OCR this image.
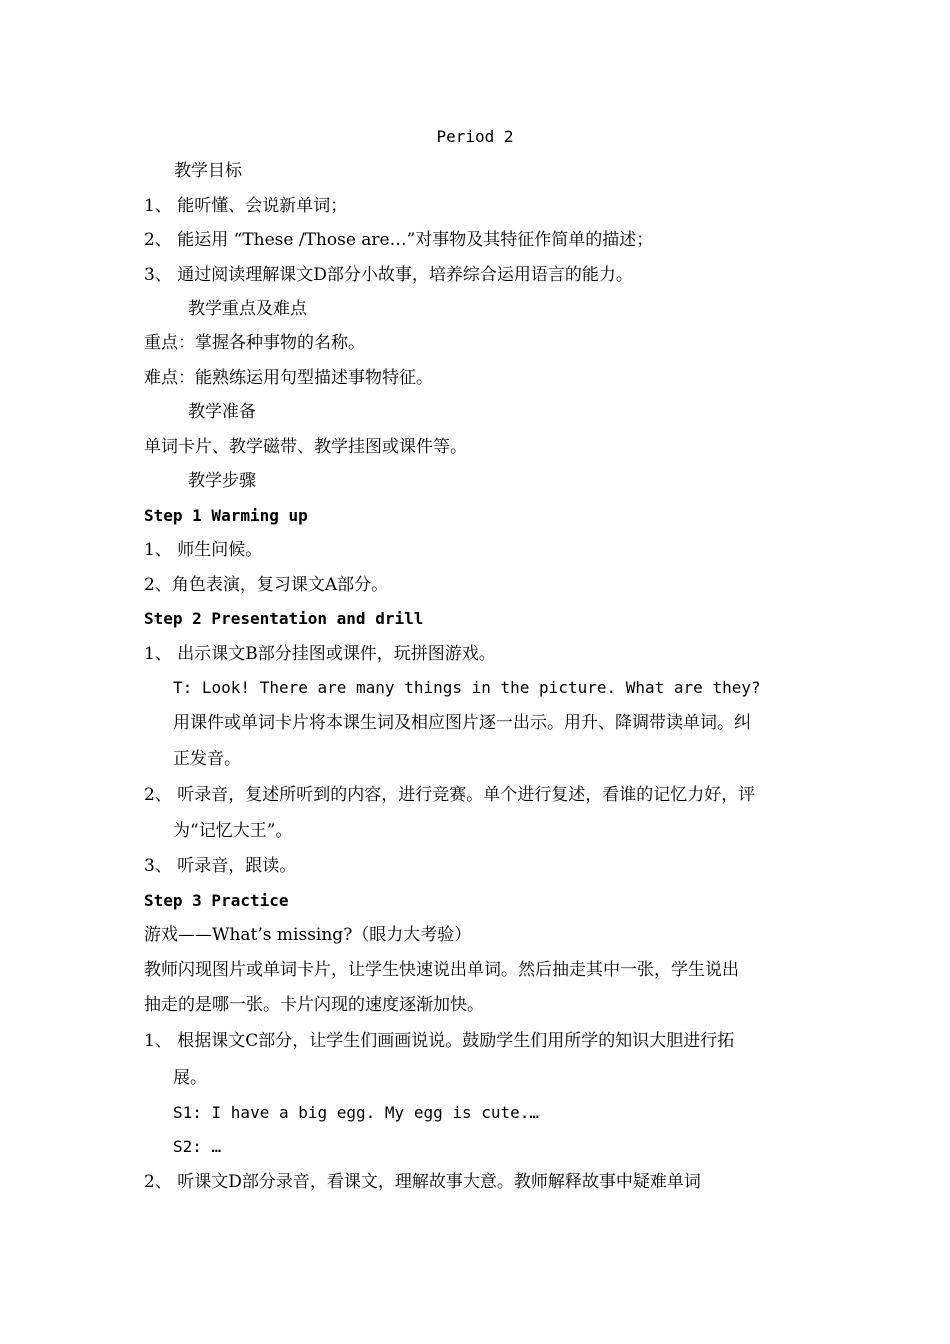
Period 2
教学目标
1、 能听懂、会说新单词；
2、 能运用 “These /Those are…”对事物及其特征作简单的描述；
3、 通过阅读理解课文D部分小故事，培养综合运用语言的能力。
教学重点及难点
重点：掌握各种事物的名称。
难点：能熟练运用句型描述事物特征。
教学准备
单词卡片、教学磁带、教学挂图或课件等。
教学步骤
Step 1 Warming up
1、 师生问候。
2、角色表演，复习课文A部分。
Step 2 Presentation and drill
1、 出示课文B部分挂图或课件，玩拼图游戏。
T: Look! There are many things in the picture. What are they?
用课件或单词卡片将本课生词及相应图片逐一出示。用升、降调带读单词。纠
正发音。
2、 听录音，复述所听到的内容，进行竞赛。单个进行复述，看谁的记忆力好，评
为“记忆大王”。
3、 听录音，跟读。
Step 3 Practice
游戏——What’s missing?（眼力大考验）
教师闪现图片或单词卡片，让学生快速说出单词。然后抽走其中一张，学生说出
抽走的是哪一张。卡片闪现的速度逐渐加快。
1、 根据课文C部分，让学生们画画说说。鼓励学生们用所学的知识大胆进行拓
展。
S1: I have a big egg. My egg is cute.…
S2: …
2、 听课文D部分录音，看课文，理解故事大意。教师解释故事中疑难单词
